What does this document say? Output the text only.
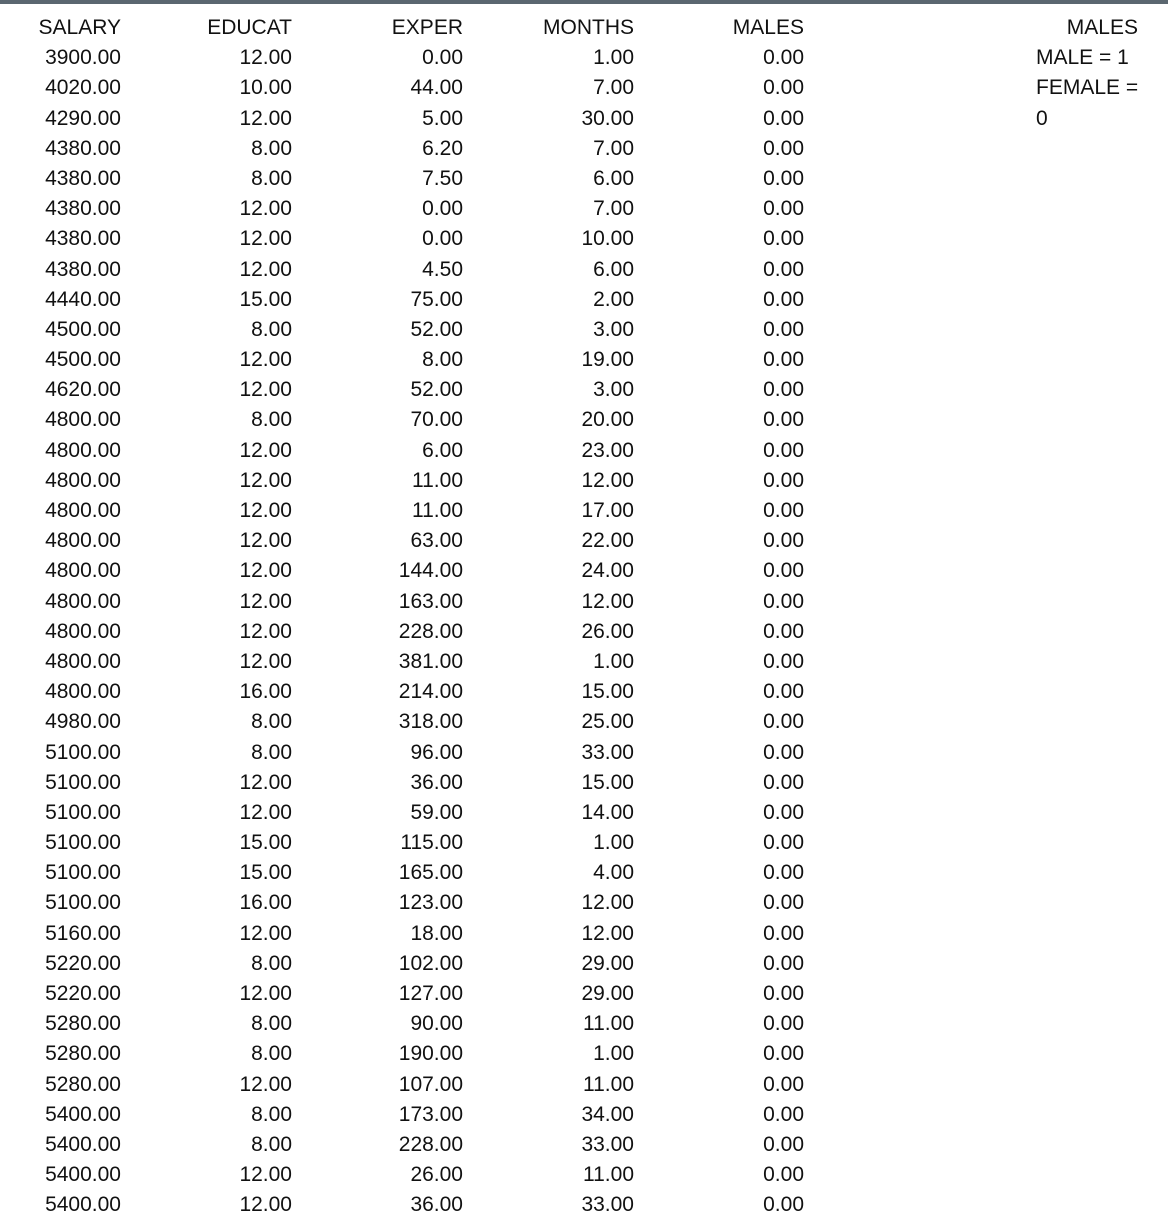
SALARY	EDUCAT	EXPER	MONTHS	MALES
3900.00	12.00	0.00	1.00	0.00
4020.00	10.00	44.00	7.00	0.00
4290.00	12.00	5.00	30.00	0.00
4380.00	8.00	6.20	7.00	0.00
4380.00	8.00	7.50	6.00	0.00
4380.00	12.00	0.00	7.00	0.00
4380.00	12.00	0.00	10.00	0.00
4380.00	12.00	4.50	6.00	0.00
4440.00	15.00	75.00	2.00	0.00
4500.00	8.00	52.00	3.00	0.00
4500.00	12.00	8.00	19.00	0.00
4620.00	12.00	52.00	3.00	0.00
4800.00	8.00	70.00	20.00	0.00
4800.00	12.00	6.00	23.00	0.00
4800.00	12.00	11.00	12.00	0.00
4800.00	12.00	11.00	17.00	0.00
4800.00	12.00	63.00	22.00	0.00
4800.00	12.00	144.00	24.00	0.00
4800.00	12.00	163.00	12.00	0.00
4800.00	12.00	228.00	26.00	0.00
4800.00	12.00	381.00	1.00	0.00
4800.00	16.00	214.00	15.00	0.00
4980.00	8.00	318.00	25.00	0.00
5100.00	8.00	96.00	33.00	0.00
5100.00	12.00	36.00	15.00	0.00
5100.00	12.00	59.00	14.00	0.00
5100.00	15.00	115.00	1.00	0.00
5100.00	15.00	165.00	4.00	0.00
5100.00	16.00	123.00	12.00	0.00
5160.00	12.00	18.00	12.00	0.00
5220.00	8.00	102.00	29.00	0.00
5220.00	12.00	127.00	29.00	0.00
5280.00	8.00	90.00	11.00	0.00
5280.00	8.00	190.00	1.00	0.00
5280.00	12.00	107.00	11.00	0.00
5400.00	8.00	173.00	34.00	0.00
5400.00	8.00	228.00	33.00	0.00
5400.00	12.00	26.00	11.00	0.00
5400.00	12.00	36.00	33.00	0.00
MALES
MALE = 1
FEMALE = 0
